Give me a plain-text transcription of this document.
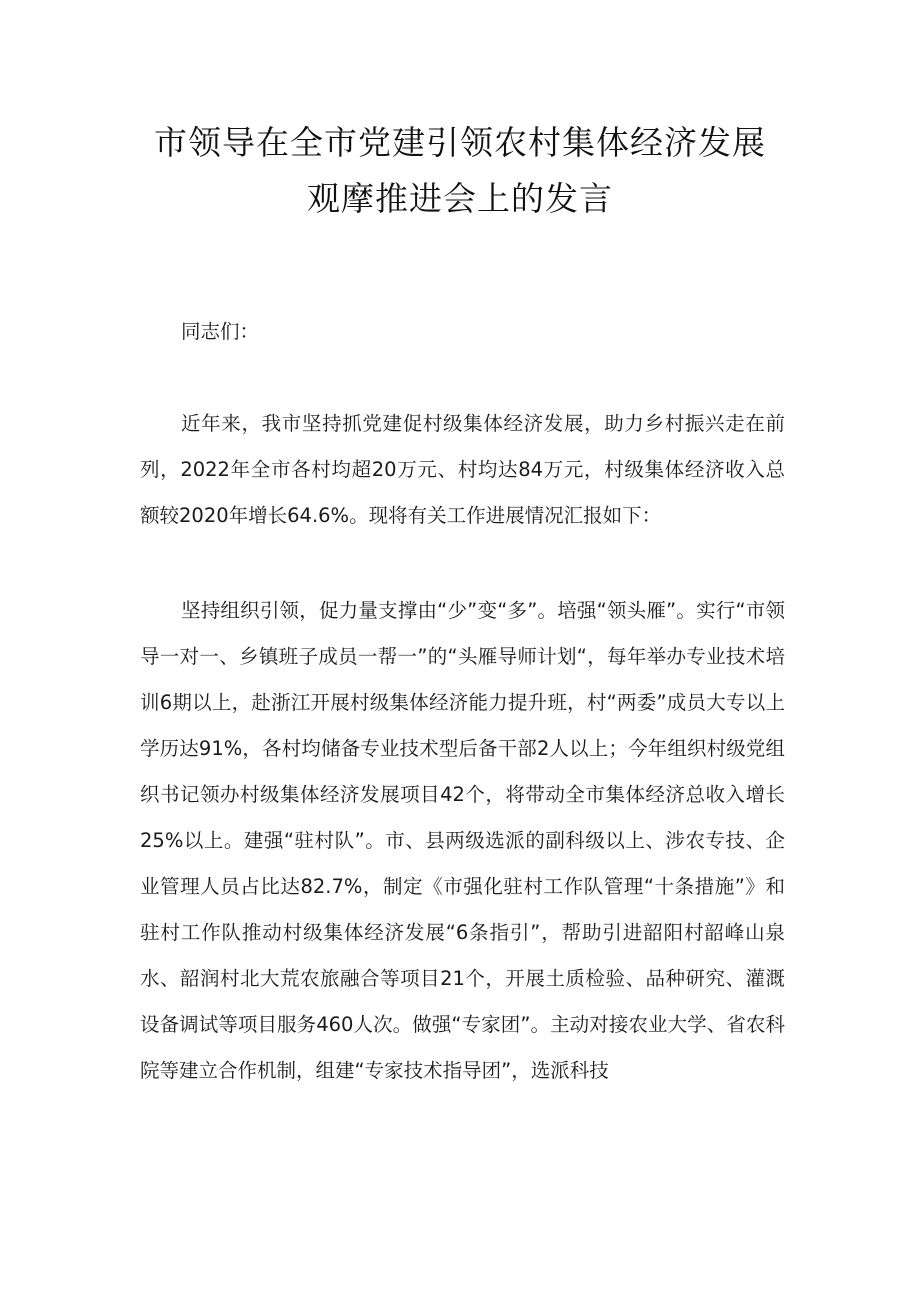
市领导在全市党建引领农村集体经济发展
观摩推进会上的发言

同志们：

近年来，我市坚持抓党建促村级集体经济发展，助力乡村振兴走在前列，2022年全市各村均超20万元、村均达84万元，村级集体经济收入总额较2020年增长64.6%。现将有关工作进展情况汇报如下：

坚持组织引领，促力量支撑由“少”变“多”。培强“领头雁”。实行“市领导一对一、乡镇班子成员一帮一”的“头雁导师计划“，每年举办专业技术培训6期以上，赴浙江开展村级集体经济能力提升班，村“两委”成员大专以上学历达91%，各村均储备专业技术型后备干部2人以上；今年组织村级党组织书记领办村级集体经济发展项目42个，将带动全市集体经济总收入增长25%以上。建强“驻村队”。市、县两级选派的副科级以上、涉农专技、企业管理人员占比达82.7%，制定《市强化驻村工作队管理“十条措施”》和驻村工作队推动村级集体经济发展“6条指引”，帮助引进韶阳村韶峰山泉水、韶润村北大荒农旅融合等项目21个，开展土质检验、品种研究、灌溉设备调试等项目服务460人次。做强“专家团”。主动对接农业大学、省农科院等建立合作机制，组建“专家技术指导团”，选派科技
